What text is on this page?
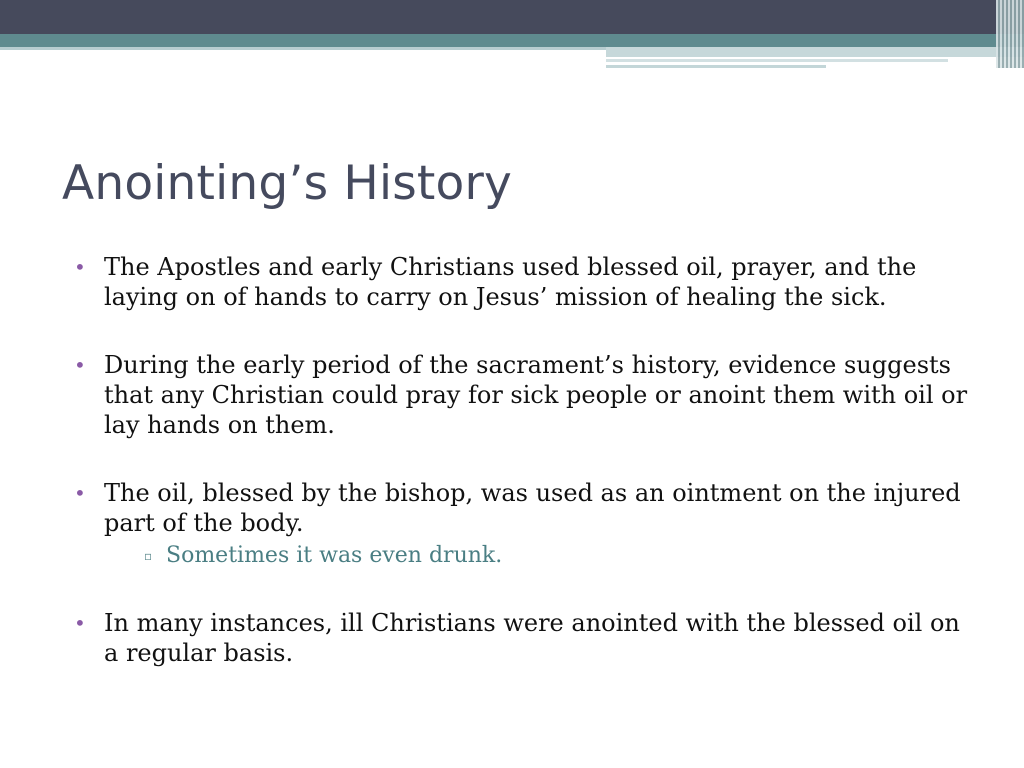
Anointing’s History
• The Apostles and early Christians used blessed oil, prayer, and the laying on of hands to carry on Jesus’ mission of healing the sick.
• During the early period of the sacrament’s history, evidence suggests that any Christian could pray for sick people or anoint them with oil or lay hands on them.
• The oil, blessed by the bishop, was used as an ointment on the injured part of the body.
▫ Sometimes it was even drunk.
• In many instances, ill Christians were anointed with the blessed oil on a regular basis.
